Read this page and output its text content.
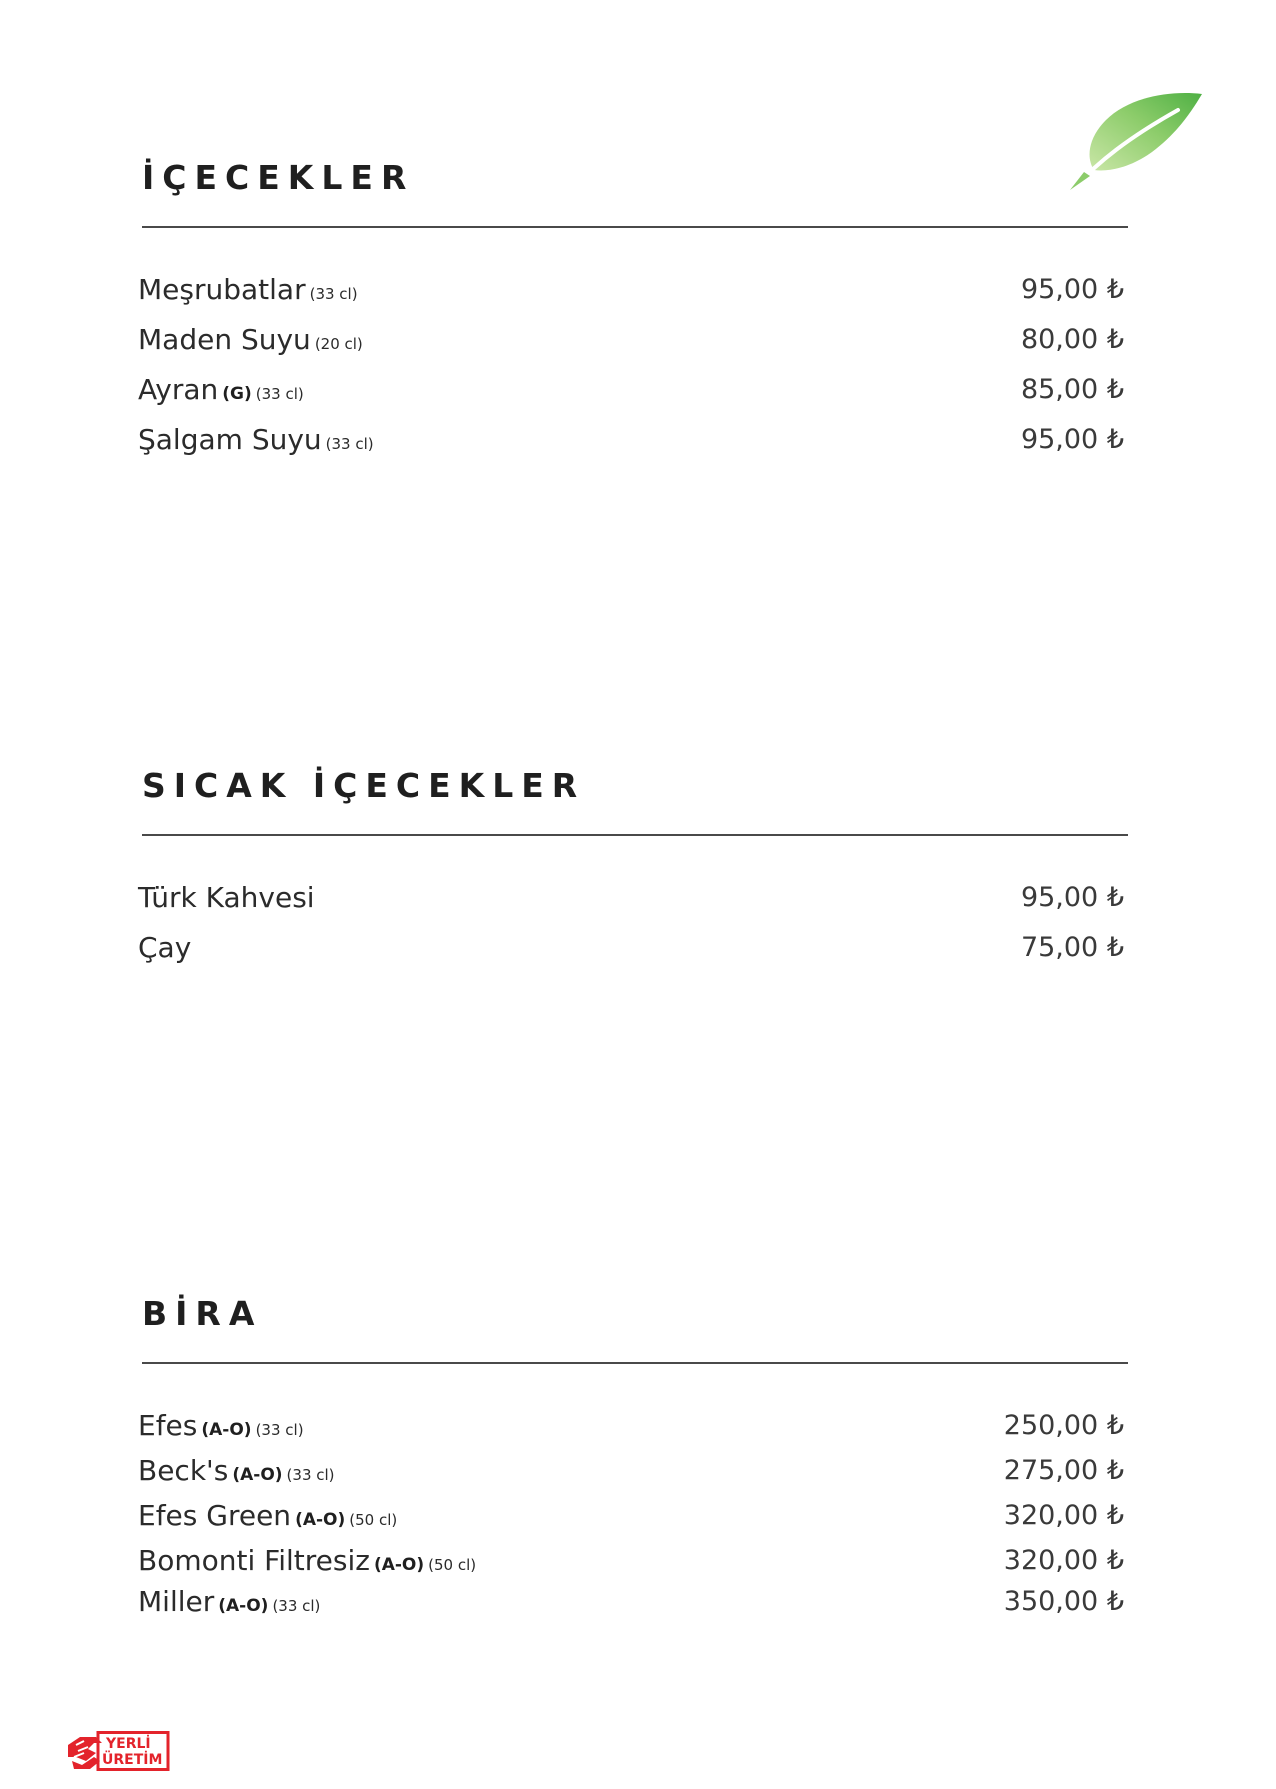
İÇECEKLER
Meşrubatlar (33 cl)	95,00 ₺
Maden Suyu (20 cl)	80,00 ₺
Ayran (G) (33 cl)	85,00 ₺
Şalgam Suyu (33 cl)	95,00 ₺
SICAK İÇECEKLER
Türk Kahvesi	95,00 ₺
Çay	75,00 ₺
BİRA
Efes (A-O) (33 cl)	250,00 ₺
Beck's (A-O) (33 cl)	275,00 ₺
Efes Green (A-O) (50 cl)	320,00 ₺
Bomonti Filtresiz (A-O) (50 cl)	320,00 ₺
Miller (A-O) (33 cl)	350,00 ₺
YERLİ
ÜRETİM
